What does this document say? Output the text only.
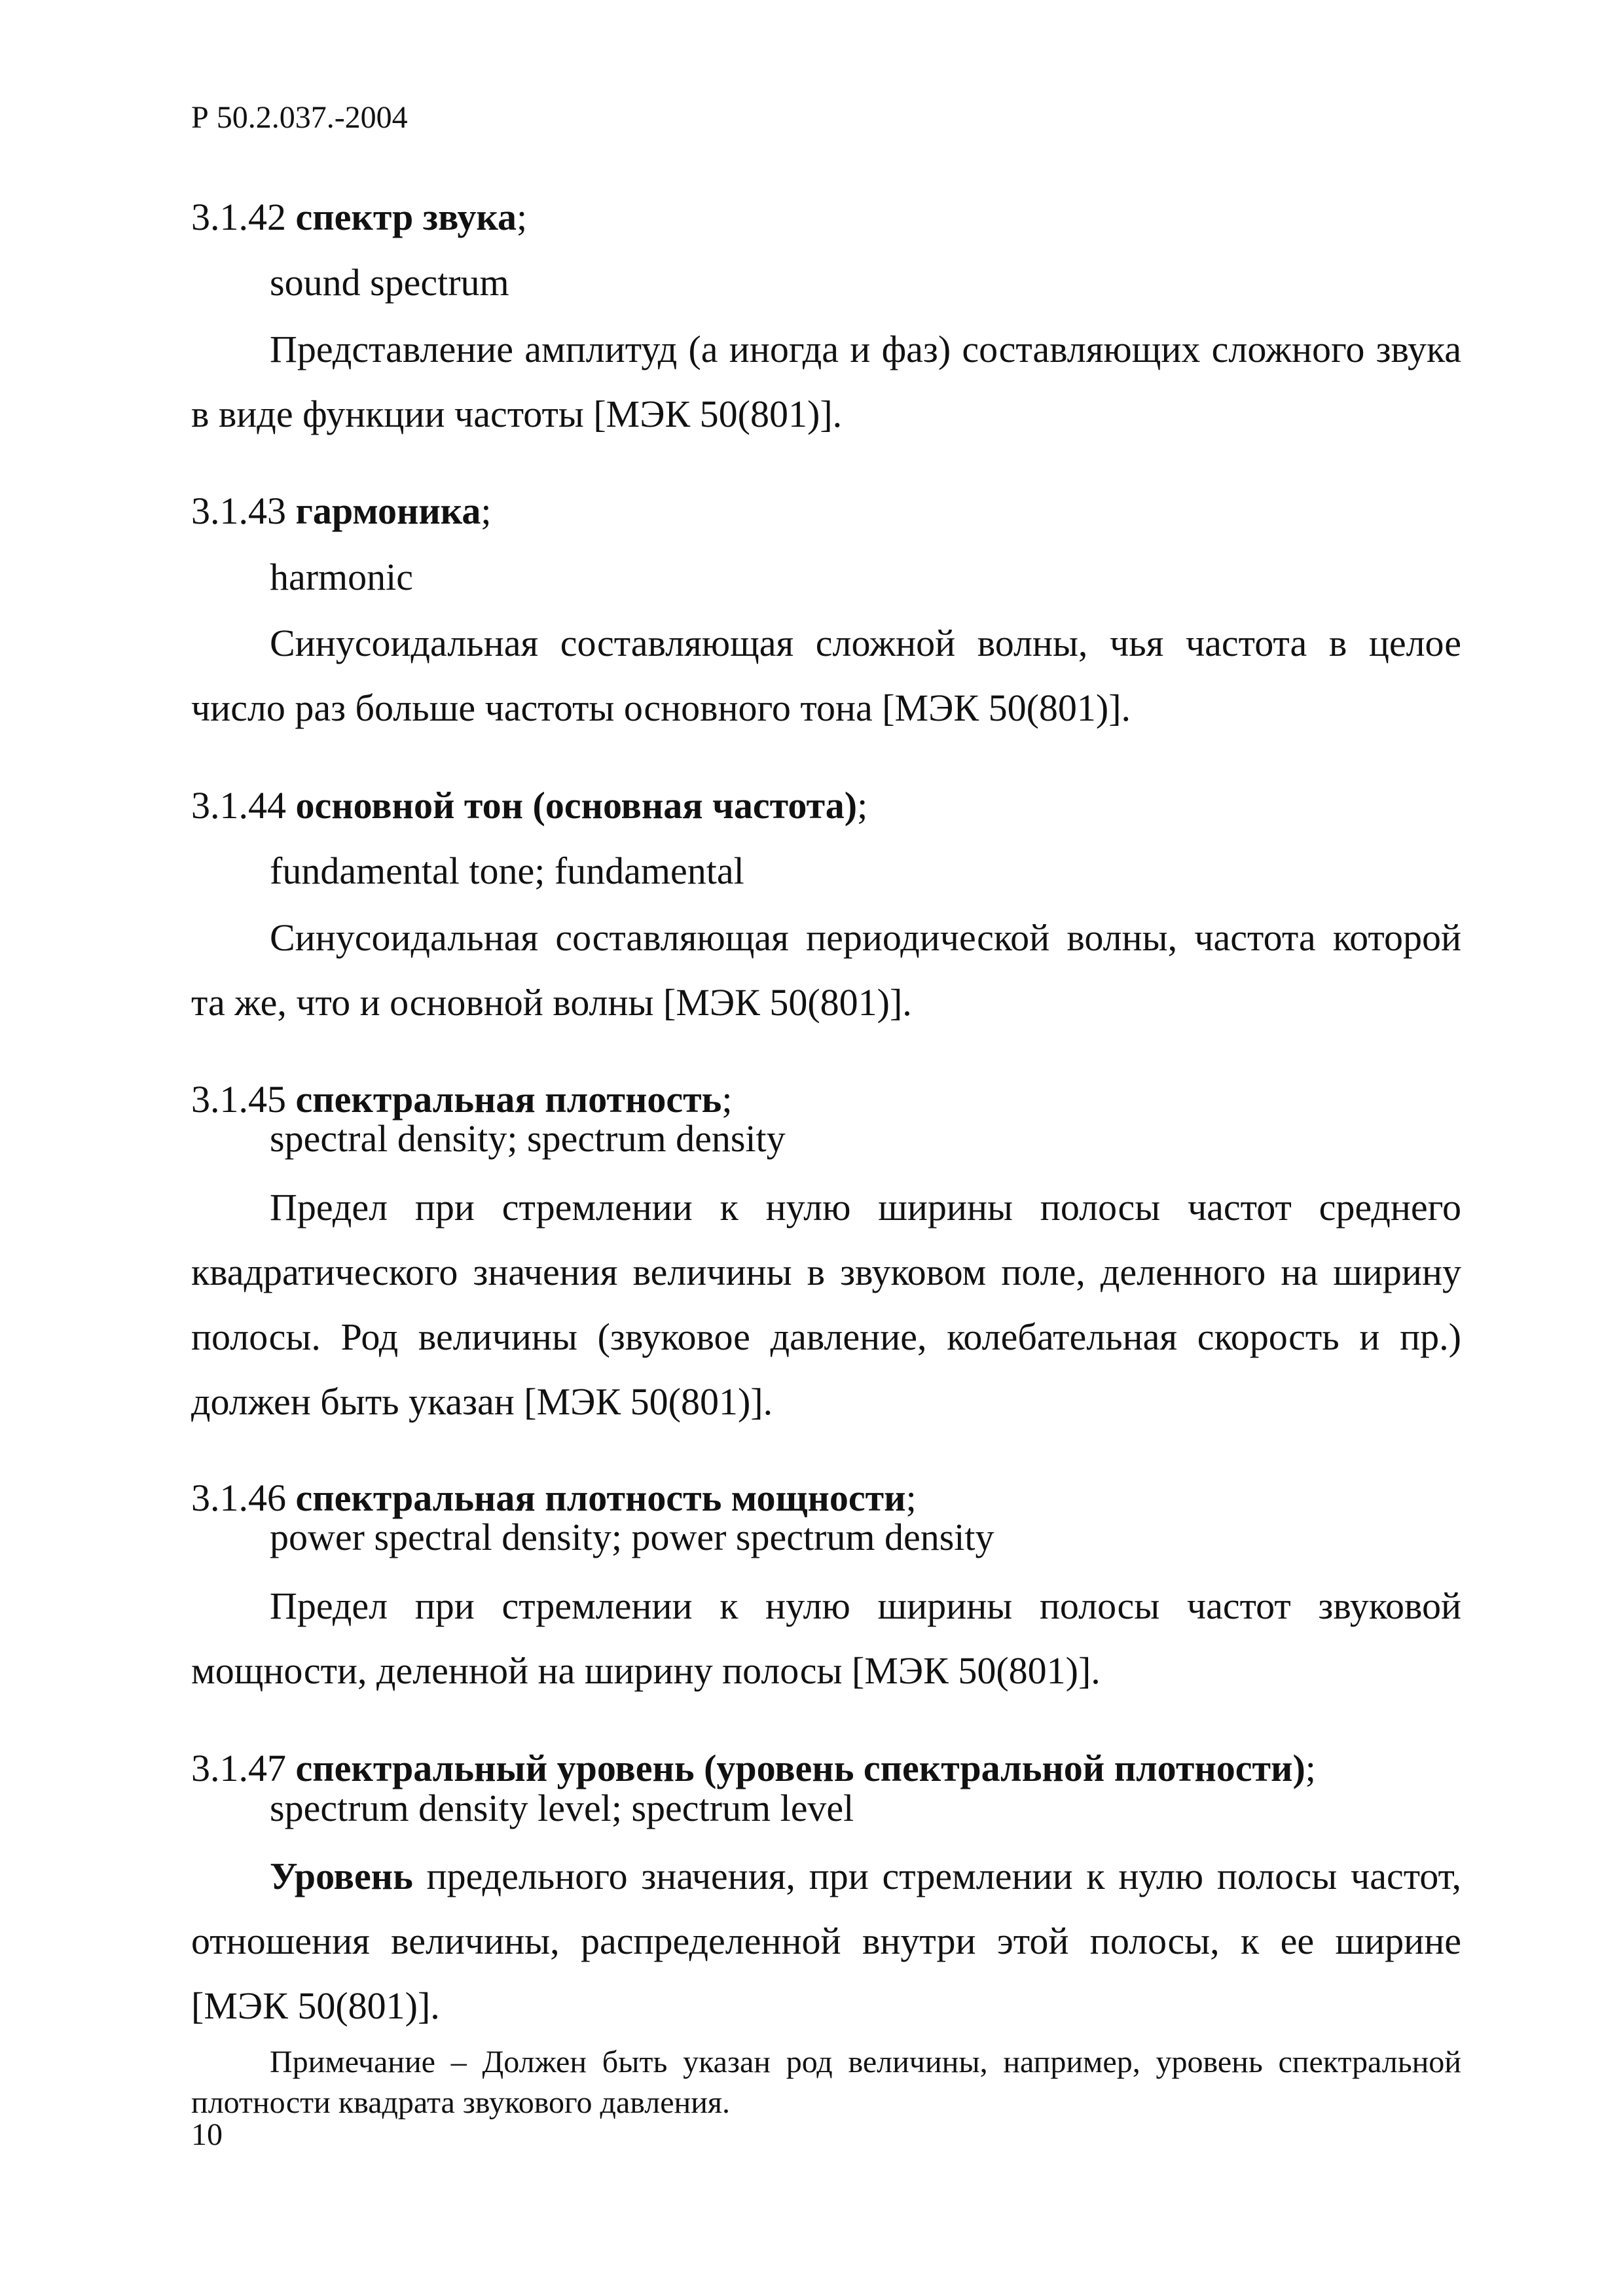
Р 50.2.037.-2004
3.1.42 спектр звука;
sound spectrum

Представление амплитуд (а иногда и фаз) составляющих сложного звука в виде функции частоты [МЭК 50(801)].

3.1.43 гармоника;
harmonic

Синусоидальная составляющая сложной волны, чья частота в целое число раз больше частоты основного тона [МЭК 50(801)].

3.1.44 основной тон (основная частота);
fundamental tone; fundamental

Синусоидальная составляющая периодической волны, частота которой та же, что и основной волны [МЭК 50(801)].

3.1.45 спектральная плотность;
spectral density; spectrum density

Предел при стремлении к нулю ширины полосы частот среднего квадратического значения величины в звуковом поле, деленного на ширину полосы. Род величины (звуковое давление, колебательная скорость и пр.) должен быть указан [МЭК 50(801)].

3.1.46 спектральная плотность мощности;
power spectral density; power spectrum density

Предел при стремлении к нулю ширины полосы частот звуковой мощности, деленной на ширину полосы [МЭК 50(801)].

3.1.47 спектральный уровень (уровень спектральной плотности);
spectrum density level; spectrum level

Уровень предельного значения, при стремлении к нулю полосы частот, отношения величины, распределенной внутри этой полосы, к ее ширине [МЭК 50(801)].

Примечание – Должен быть указан род величины, например, уровень спектральной плотности квадрата звукового давления.

10
